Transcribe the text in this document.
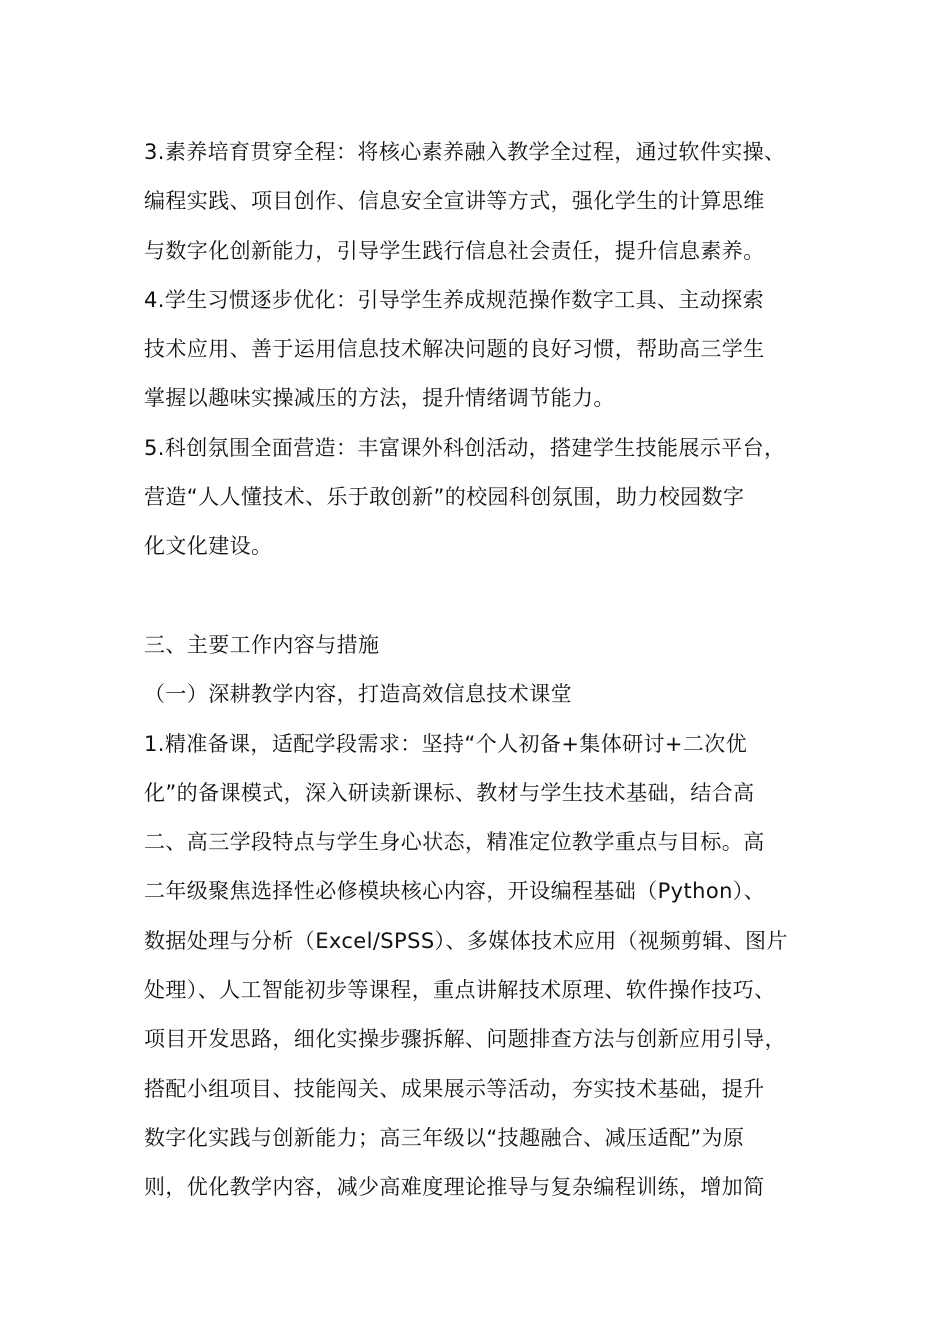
3.素养培育贯穿全程：将核心素养融入教学全过程，通过软件实操、
编程实践、项目创作、信息安全宣讲等方式，强化学生的计算思维
与数字化创新能力，引导学生践行信息社会责任，提升信息素养。
4.学生习惯逐步优化：引导学生养成规范操作数字工具、主动探索
技术应用、善于运用信息技术解决问题的良好习惯，帮助高三学生
掌握以趣味实操减压的方法，提升情绪调节能力。
5.科创氛围全面营造：丰富课外科创活动，搭建学生技能展示平台，
营造“人人懂技术、乐于敢创新”的校园科创氛围，助力校园数字
化文化建设。
三、主要工作内容与措施
（一）深耕教学内容，打造高效信息技术课堂
1.精准备课，适配学段需求：坚持“个人初备+集体研讨+二次优
化”的备课模式，深入研读新课标、教材与学生技术基础，结合高
二、高三学段特点与学生身心状态，精准定位教学重点与目标。高
二年级聚焦选择性必修模块核心内容，开设编程基础（Python）、
数据处理与分析（Excel/SPSS）、多媒体技术应用（视频剪辑、图片
处理）、人工智能初步等课程，重点讲解技术原理、软件操作技巧、
项目开发思路，细化实操步骤拆解、问题排查方法与创新应用引导，
搭配小组项目、技能闯关、成果展示等活动，夯实技术基础，提升
数字化实践与创新能力；高三年级以“技趣融合、减压适配”为原
则，优化教学内容，减少高难度理论推导与复杂编程训练，增加简
